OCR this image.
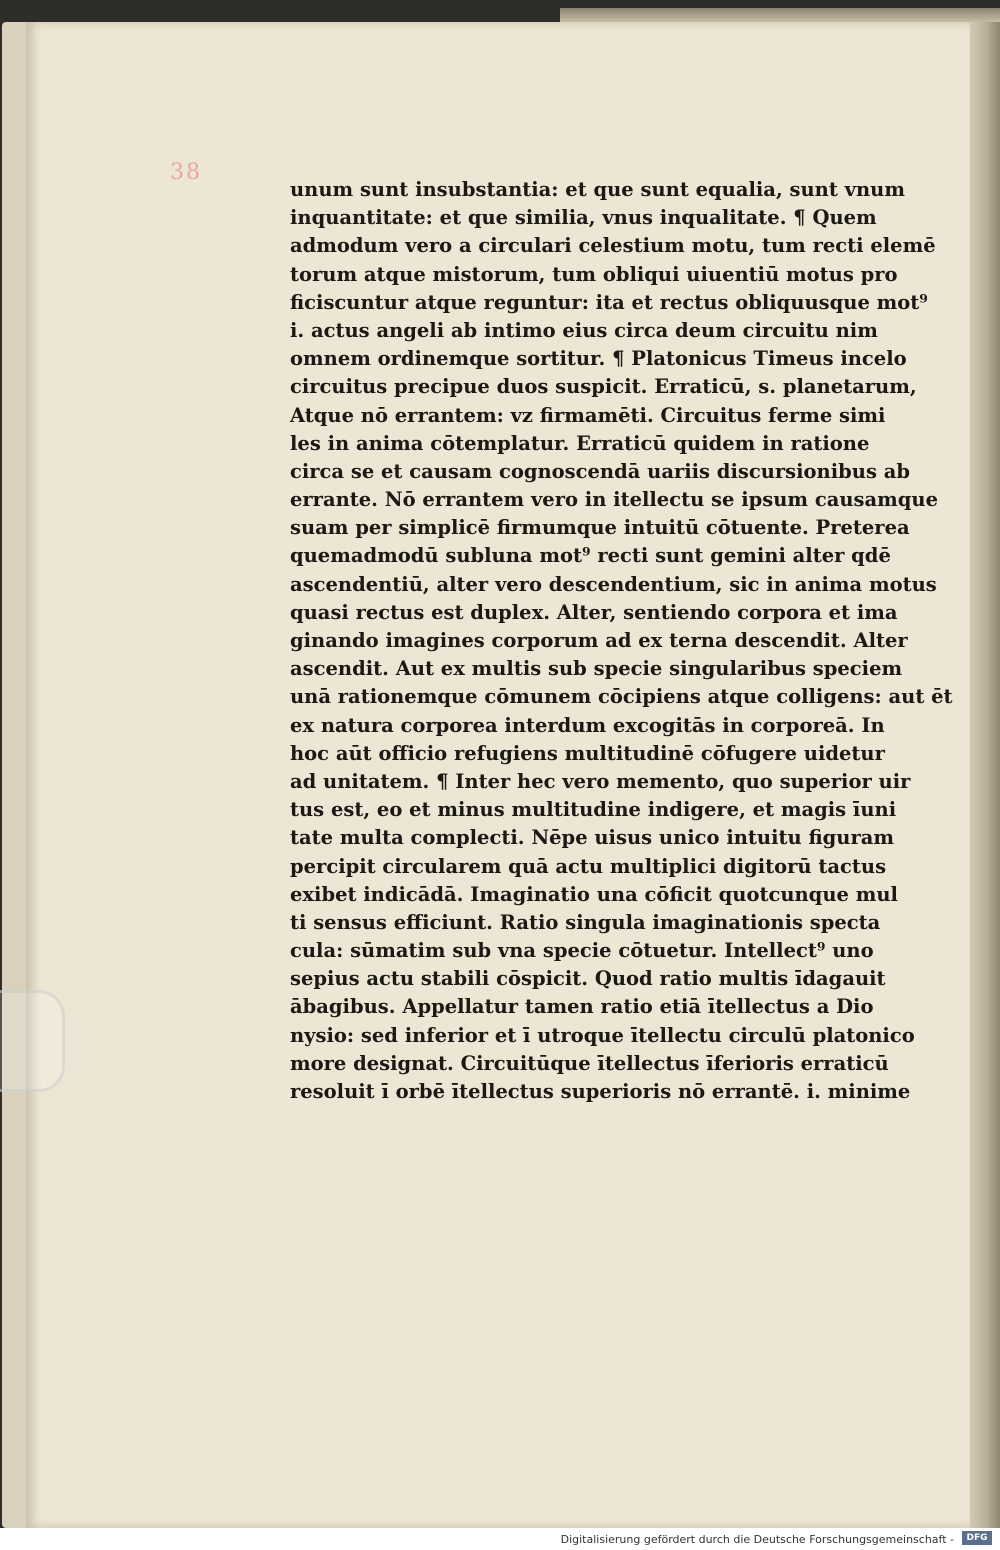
38
unum sunt insubstantia: et que sunt equalia, sunt vnum
inquantitate: et que similia, vnus inqualitate. ¶ Quem
admodum vero a circulari celestium motu, tum recti elemē
torum atque mistorum, tum obliqui uiuentiū motus pro
ficiscuntur atque reguntur: ita et rectus obliquusque mot⁹
i. actus angeli ab intimo eius circa deum circuitu nim
omnem ordinemque sortitur. ¶ Platonicus Timeus incelo
circuitus precipue duos suspicit. Erraticū, s. planetarum,
Atque nō errantem: vz firmamēti. Circuitus ferme simi
les in anima cōtemplatur. Erraticū quidem in ratione
circa se et causam cognoscendā uariis discursionibus ab
errante. Nō errantem vero in itellectu se ipsum causamque
suam per simplicē firmumque intuitū cōtuente. Preterea
quemadmodū subluna mot⁹ recti sunt gemini alter qdē
ascendentiū, alter vero descendentium, sic in anima motus
quasi rectus est duplex. Alter, sentiendo corpora et ima
ginando imagines corporum ad ex terna descendit. Alter
ascendit. Aut ex multis sub specie singularibus speciem
unā rationemque cōmunem cōcipiens atque colligens: aut ēt
ex natura corporea interdum excogitās in corporeā. In
hoc aūt officio refugiens multitudinē cōfugere uidetur
ad unitatem. ¶ Inter hec vero memento, quo superior uir
tus est, eo et minus multitudine indigere, et magis īuni
tate multa complecti. Nēpe uisus unico intuitu figuram
percipit circularem quā actu multiplici digitorū tactus
exibet indicādā. Imaginatio una cōficit quotcunque mul
ti sensus efficiunt. Ratio singula imaginationis specta
cula: sūmatim sub vna specie cōtuetur. Intellect⁹ uno
sepius actu stabili cōspicit. Quod ratio multis īdagauit
ābagibus. Appellatur tamen ratio etiā ītellectus a Dio
nysio: sed inferior et ī utroque ītellectu circulū platonico
more designat. Circuitūque ītellectus īferioris erraticū
resoluit ī orbē ītellectus superioris nō errantē. i. minime
Digitalisierung gefördert durch die Deutsche Forschungsgemeinschaft -	DFG
